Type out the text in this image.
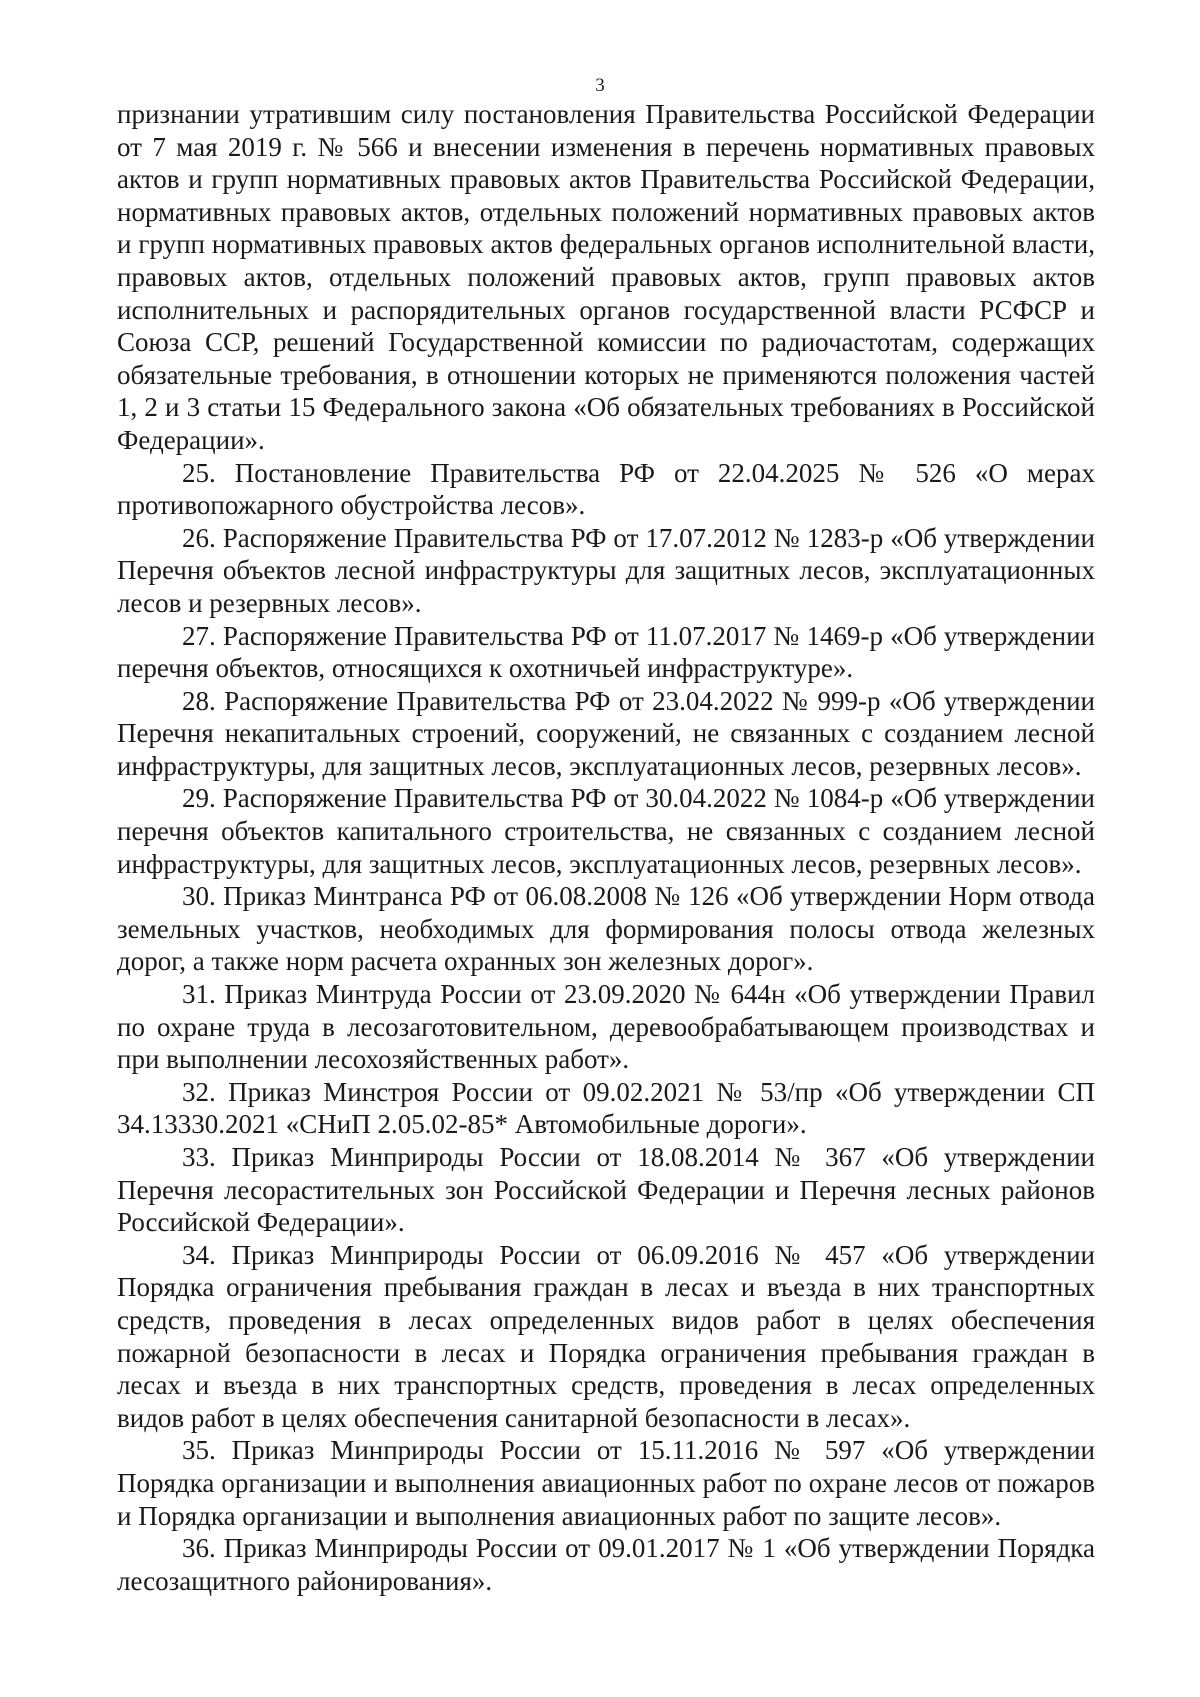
3

признании утратившим силу постановления Правительства Российской Федерации от 7 мая 2019 г. № 566 и внесении изменения в перечень нормативных правовых актов и групп нормативных правовых актов Правительства Российской Федерации, нормативных правовых актов, отдельных положений нормативных правовых актов и групп нормативных правовых актов федеральных органов исполнительной власти, правовых актов, отдельных положений правовых актов, групп правовых актов исполнительных и распорядительных органов государственной власти РСФСР и Союза ССР, решений Государственной комиссии по радиочастотам, содержащих обязательные требования, в отношении которых не применяются положения частей 1, 2 и 3 статьи 15 Федерального закона «Об обязательных требованиях в Российской Федерации».

25. Постановление Правительства РФ от 22.04.2025 № 526 «О мерах противопожарного обустройства лесов».

26. Распоряжение Правительства РФ от 17.07.2012 № 1283-р «Об утверждении Перечня объектов лесной инфраструктуры для защитных лесов, эксплуатационных лесов и резервных лесов».

27. Распоряжение Правительства РФ от 11.07.2017 № 1469-р «Об утверждении перечня объектов, относящихся к охотничьей инфраструктуре».

28. Распоряжение Правительства РФ от 23.04.2022 № 999-р «Об утверждении Перечня некапитальных строений, сооружений, не связанных с созданием лесной инфраструктуры, для защитных лесов, эксплуатационных лесов, резервных лесов».

29. Распоряжение Правительства РФ от 30.04.2022 № 1084-р «Об утверждении перечня объектов капитального строительства, не связанных с созданием лесной инфраструктуры, для защитных лесов, эксплуатационных лесов, резервных лесов».

30. Приказ Минтранса РФ от 06.08.2008 № 126 «Об утверждении Норм отвода земельных участков, необходимых для формирования полосы отвода железных дорог, а также норм расчета охранных зон железных дорог».

31. Приказ Минтруда России от 23.09.2020 № 644н «Об утверждении Правил по охране труда в лесозаготовительном, деревообрабатывающем производствах и при выполнении лесохозяйственных работ».

32. Приказ Минстроя России от 09.02.2021 № 53/пр «Об утверждении СП 34.13330.2021 «СНиП 2.05.02-85* Автомобильные дороги».

33. Приказ Минприроды России от 18.08.2014 № 367 «Об утверждении Перечня лесорастительных зон Российской Федерации и Перечня лесных районов Российской Федерации».

34. Приказ Минприроды России от 06.09.2016 № 457 «Об утверждении Порядка ограничения пребывания граждан в лесах и въезда в них транспортных средств, проведения в лесах определенных видов работ в целях обеспечения пожарной безопасности в лесах и Порядка ограничения пребывания граждан в лесах и въезда в них транспортных средств, проведения в лесах определенных видов работ в целях обеспечения санитарной безопасности в лесах».

35. Приказ Минприроды России от 15.11.2016 № 597 «Об утверждении Порядка организации и выполнения авиационных работ по охране лесов от пожаров и Порядка организации и выполнения авиационных работ по защите лесов».

36. Приказ Минприроды России от 09.01.2017 № 1 «Об утверждении Порядка лесозащитного районирования».
